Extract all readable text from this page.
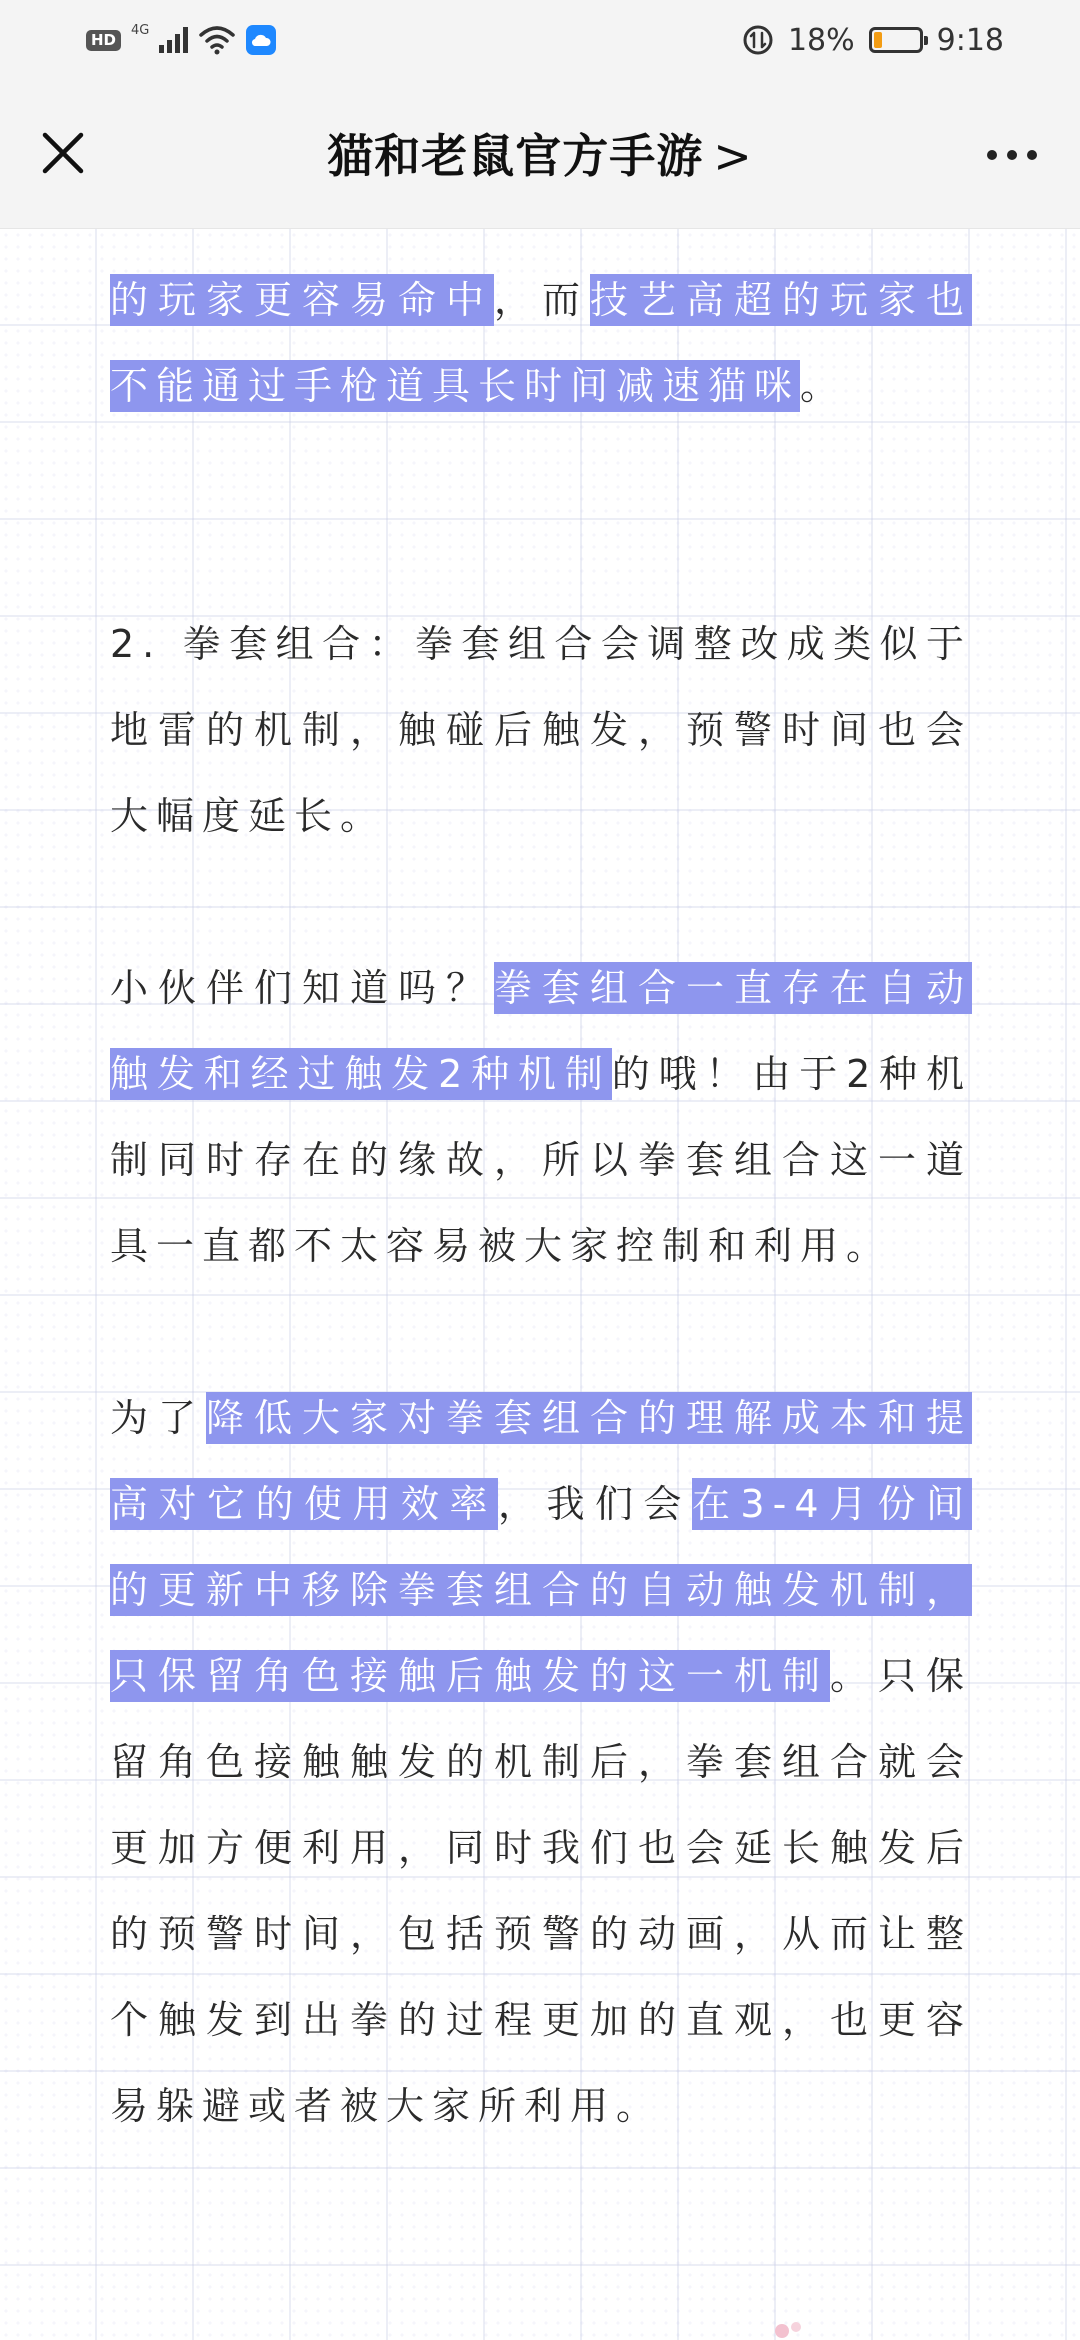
HD
4G	18%	9:18
猫和老鼠官方手游 >

的玩家更容易命中，而技艺高超的玩家也不能通过手枪道具长时间减速猫咪。

2. 拳套组合：拳套组合会调整改成类似于地雷的机制，触碰后触发，预警时间也会大幅度延长。

小伙伴们知道吗？拳套组合一直存在自动触发和经过触发2种机制的哦！由于2种机制同时存在的缘故，所以拳套组合这一道具一直都不太容易被大家控制和利用。

为了降低大家对拳套组合的理解成本和提高对它的使用效率，我们会在3-4月份间的更新中移除拳套组合的自动触发机制，只保留角色接触后触发的这一机制。只保留角色接触触发的机制后，拳套组合就会更加方便利用，同时我们也会延长触发后的预警时间，包括预警的动画，从而让整个触发到出拳的过程更加的直观，也更容易躲避或者被大家所利用。
